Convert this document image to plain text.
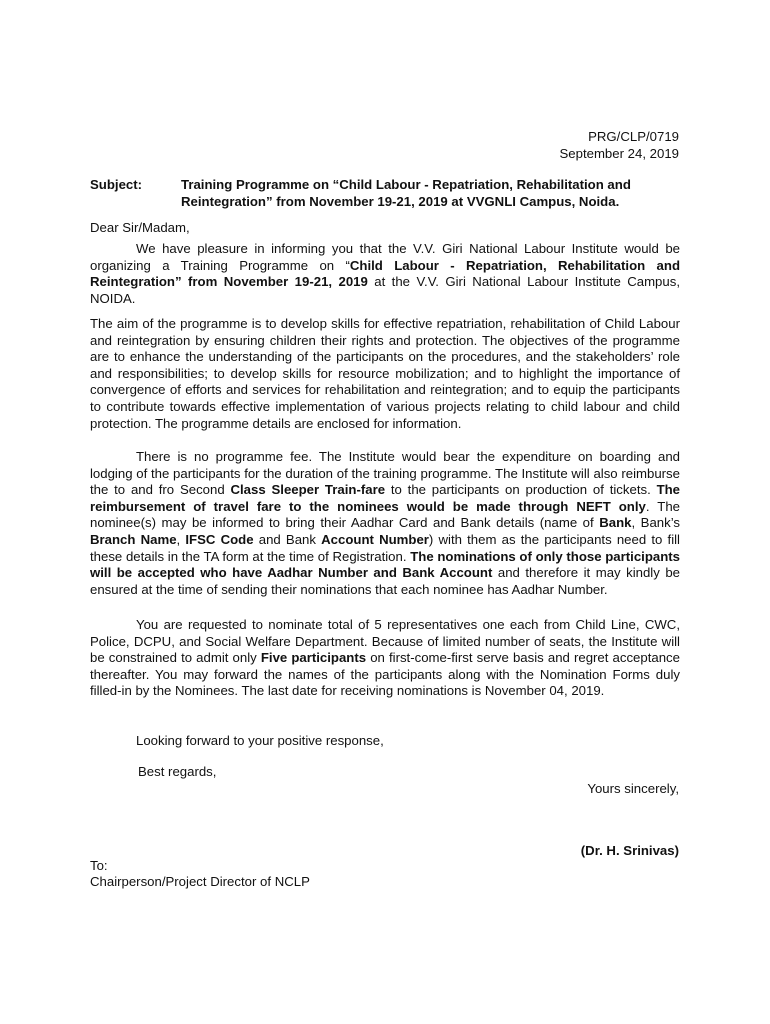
PRG/CLP/0719
September 24, 2019
Subject:	Training Programme on “Child Labour - Repatriation, Rehabilitation and Reintegration” from November 19-21, 2019 at VVGNLI Campus, Noida.
Dear Sir/Madam,
We have pleasure in informing you that the V.V. Giri National Labour Institute would be organizing a Training Programme on “Child Labour - Repatriation, Rehabilitation and Reintegration” from November 19-21, 2019 at the V.V. Giri National Labour Institute Campus, NOIDA.
The aim of the programme is to develop skills for effective repatriation, rehabilitation of Child Labour and reintegration by ensuring children their rights and protection. The objectives of the programme are to enhance the understanding of the participants on the procedures, and the stakeholders’ role and responsibilities; to develop skills for resource mobilization; and to highlight the importance of convergence of efforts and services for rehabilitation and reintegration; and to equip the participants to contribute towards effective implementation of various projects relating to child labour and child protection. The programme details are enclosed for information.
There is no programme fee. The Institute would bear the expenditure on boarding and lodging of the participants for the duration of the training programme. The Institute will also reimburse the to and fro Second Class Sleeper Train-fare to the participants on production of tickets. The reimbursement of travel fare to the nominees would be made through NEFT only. The nominee(s) may be informed to bring their Aadhar Card and Bank details (name of Bank, Bank’s Branch Name, IFSC Code and Bank Account Number) with them as the participants need to fill these details in the TA form at the time of Registration. The nominations of only those participants will be accepted who have Aadhar Number and Bank Account and therefore it may kindly be ensured at the time of sending their nominations that each nominee has Aadhar Number.
You are requested to nominate total of 5 representatives one each from Child Line, CWC, Police, DCPU, and Social Welfare Department. Because of limited number of seats, the Institute will be constrained to admit only Five participants on first-come-first serve basis and regret acceptance thereafter. You may forward the names of the participants along with the Nomination Forms duly filled-in by the Nominees. The last date for receiving nominations is November 04, 2019.
Looking forward to your positive response,
Best regards,
Yours sincerely,
(Dr. H. Srinivas)
To:
Chairperson/Project Director of NCLP
